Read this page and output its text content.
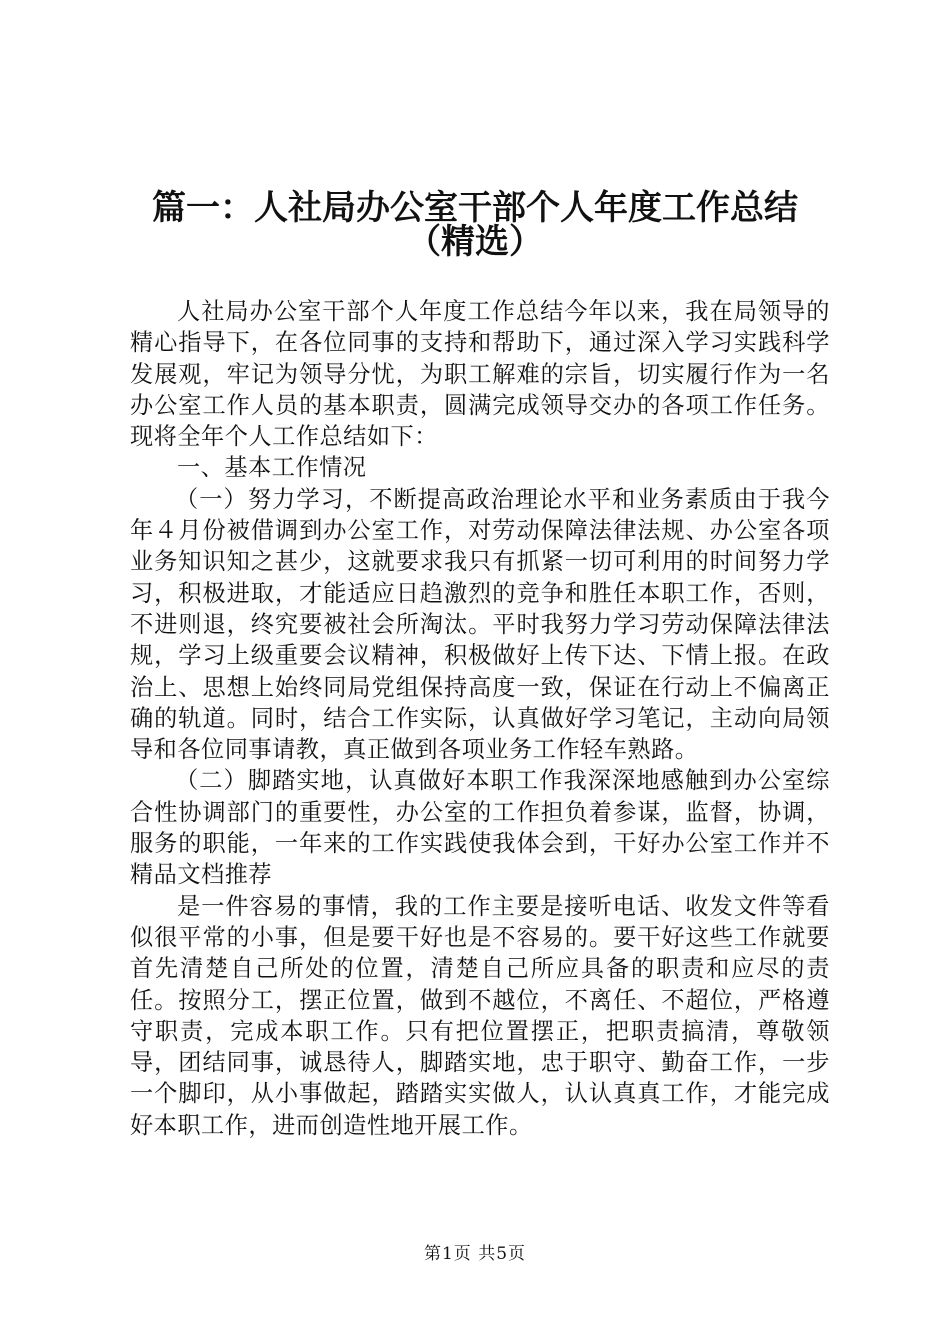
篇一：人社局办公室干部个人年度工作总结
（精选）

人社局办公室干部个人年度工作总结今年以来，我在局领导的精心指导下，在各位同事的支持和帮助下，通过深入学习实践科学发展观，牢记为领导分忧，为职工解难的宗旨，切实履行作为一名办公室工作人员的基本职责，圆满完成领导交办的各项工作任务。现将全年个人工作总结如下：

一、基本工作情况

（一）努力学习，不断提高政治理论水平和业务素质由于我今年４月份被借调到办公室工作，对劳动保障法律法规、办公室各项业务知识知之甚少，这就要求我只有抓紧一切可利用的时间努力学习，积极进取，才能适应日趋激烈的竞争和胜任本职工作，否则，不进则退，终究要被社会所淘汰。平时我努力学习劳动保障法律法规，学习上级重要会议精神，积极做好上传下达、下情上报。在政治上、思想上始终同局党组保持高度一致，保证在行动上不偏离正确的轨道。同时，结合工作实际，认真做好学习笔记，主动向局领导和各位同事请教，真正做到各项业务工作轻车熟路。

（二）脚踏实地，认真做好本职工作我深深地感触到办公室综合性协调部门的重要性，办公室的工作担负着参谋，监督，协调，服务的职能，一年来的工作实践使我体会到，干好办公室工作并不精品文档推荐

是一件容易的事情，我的工作主要是接听电话、收发文件等看似很平常的小事，但是要干好也是不容易的。要干好这些工作就要首先清楚自己所处的位置，清楚自己所应具备的职责和应尽的责任。按照分工，摆正位置，做到不越位，不离任、不超位，严格遵守职责，完成本职工作。只有把位置摆正，把职责搞清，尊敬领导，团结同事，诚恳待人，脚踏实地，忠于职守、勤奋工作，一步一个脚印，从小事做起，踏踏实实做人，认认真真工作，才能完成好本职工作，进而创造性地开展工作。

第1页 共5页
